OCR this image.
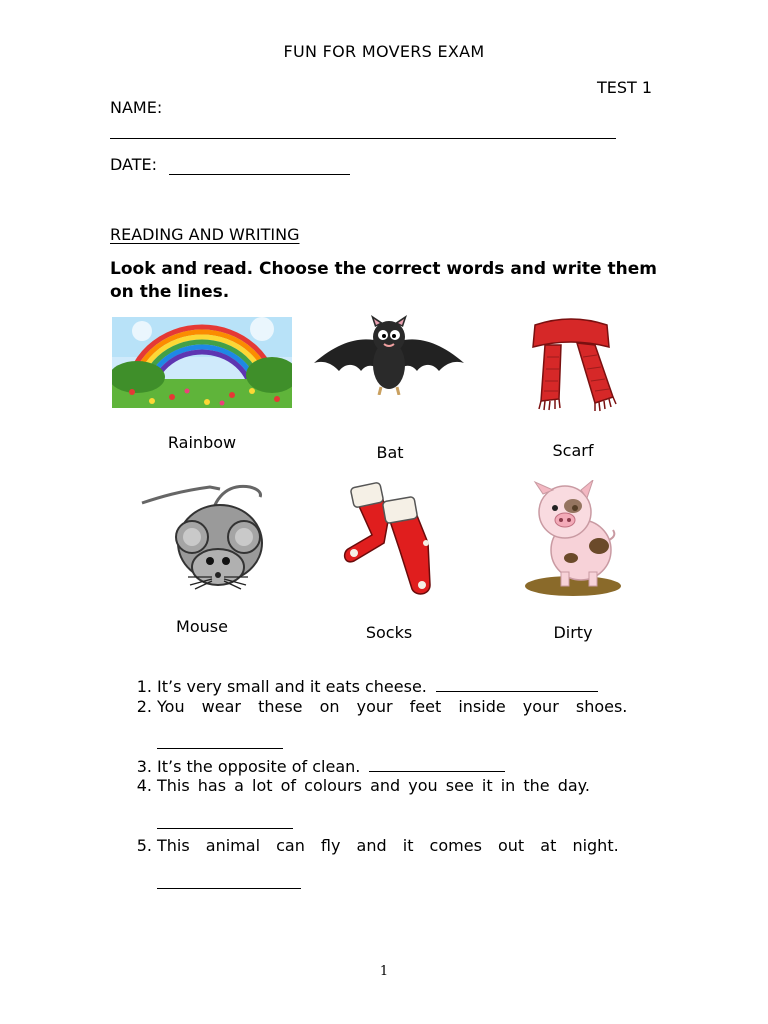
FUN FOR MOVERS EXAM
TEST 1
NAME:
DATE:
READING AND WRITING
Look and read. Choose the correct words and write them on the lines.
Rainbow
Bat	Scarf
Mouse	Socks	Dirty
1. It’s very small and it eats cheese.
2. You wear these on your feet inside your shoes.
3. It’s the opposite of clean.
4. This has a lot of colours and you see it in the day.
5. This animal can fly and it comes out at night.
1
